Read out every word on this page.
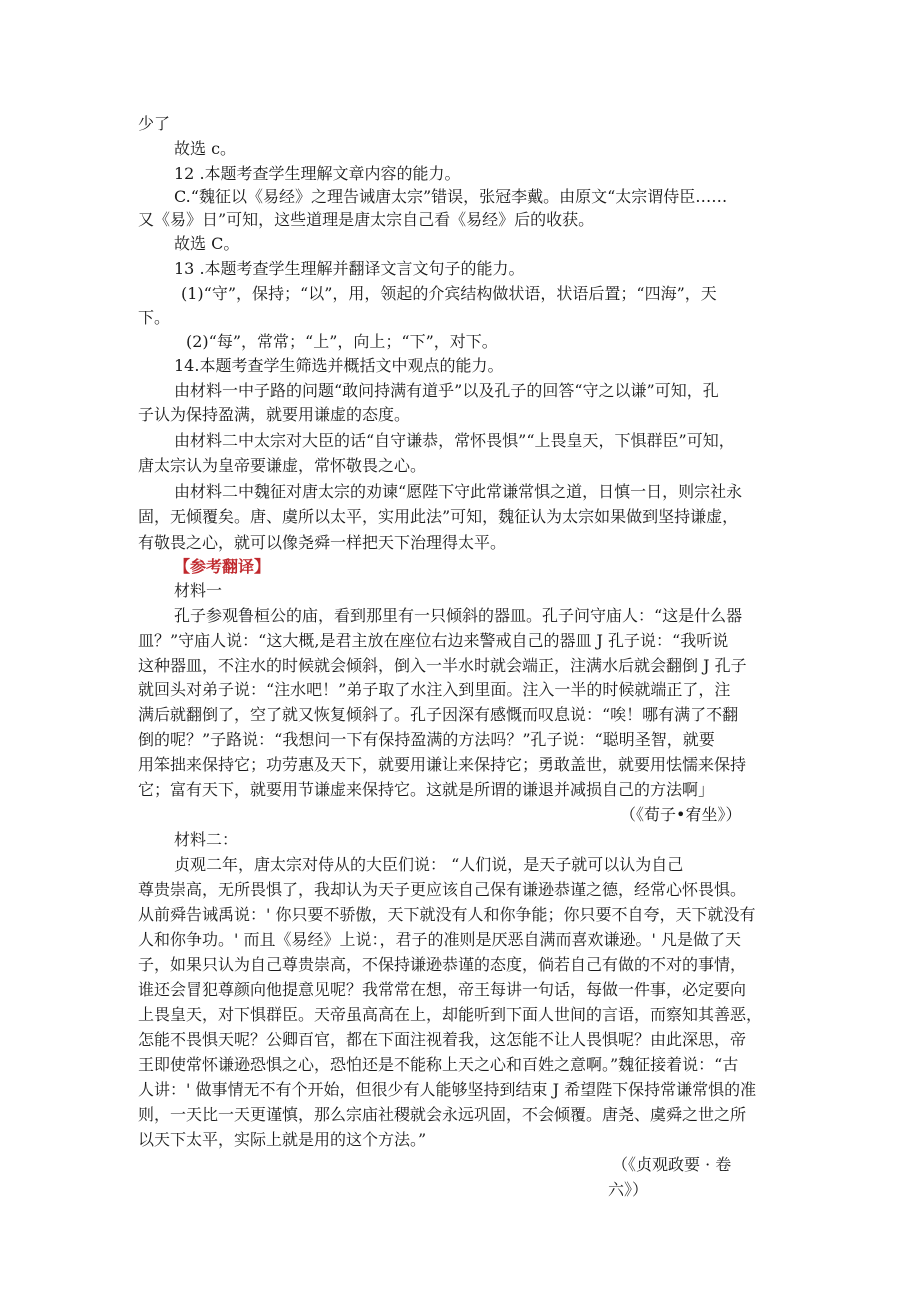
少了
故选 c。
12 .本题考查学生理解文章内容的能力。
C.“魏征以《易经》之理告诫唐太宗”错误，张冠李戴。由原文“太宗谓侍臣……
又《易》日”可知，这些道理是唐太宗自己看《易经》后的收获。
故选 C。
13 .本题考查学生理解并翻译文言文句子的能力。
(1)“守”，保持；“以”，用，领起的介宾结构做状语，状语后置；“四海”，天
下。
(2)“每”，常常；“上”，向上；“下”，对下。
14.本题考查学生筛选并概括文中观点的能力。
由材料一中子路的问题“敢问持满有道乎”以及孔子的回答“守之以谦”可知，孔
子认为保持盈满，就要用谦虚的态度。
由材料二中太宗对大臣的话“自守谦恭，常怀畏惧”“上畏皇天，下惧群臣”可知，
唐太宗认为皇帝要谦虚，常怀敬畏之心。
由材料二中魏征对唐太宗的劝谏“愿陛下守此常谦常惧之道，日慎一日，则宗社永
固，无倾覆矣。唐、虞所以太平，实用此法”可知，魏征认为太宗如果做到坚持谦虚，
有敬畏之心，就可以像尧舜一样把天下治理得太平。
【参考翻译】
材料一
孔子参观鲁桓公的庙，看到那里有一只倾斜的器皿。孔子问守庙人：“这是什么器
皿？”守庙人说：“这大概,是君主放在座位右边来警戒自己的器皿 J 孔子说：“我听说
这种器皿，不注水的时候就会倾斜，倒入一半水时就会端正，注满水后就会翻倒 J 孔子
就回头对弟子说：“注水吧！”弟子取了水注入到里面。注入一半的时候就端正了，注
满后就翻倒了，空了就又恢复倾斜了。孔子因深有感慨而叹息说：“唉！哪有满了不翻
倒的呢？”子路说：“我想问一下有保持盈满的方法吗？”孔子说：“聪明圣智，就要
用笨拙来保持它；功劳惠及天下，就要用谦让来保持它；勇敢盖世，就要用怯懦来保持
它；富有天下，就要用节谦虚来保持它。这就是所谓的谦退并减损自己的方法啊」
（《荀子•宥坐》）
材料二：
贞观二年，唐太宗对侍从的大臣们说： “人们说，是天子就可以认为自己
尊贵崇高，无所畏惧了，我却认为天子更应该自己保有谦逊恭谨之德，经常心怀畏惧。
从前舜告诫禹说：' 你只要不骄傲，天下就没有人和你争能；你只要不自夸，天下就没有
人和你争功。' 而且《易经》上说：，君子的准则是厌恶自满而喜欢谦逊。' 凡是做了天
子，如果只认为自己尊贵崇高，不保持谦逊恭谨的态度，倘若自己有做的不对的事情，
谁还会冒犯尊颜向他提意见呢？我常常在想，帝王每讲一句话，每做一件事，必定要向
上畏皇天，对下惧群臣。天帝虽高高在上，却能听到下面人世间的言语，而察知其善恶，
怎能不畏惧天呢？公卿百官，都在下面注视着我，这怎能不让人畏惧呢？由此深思，帝
王即使常怀谦逊恐惧之心，恐怕还是不能称上天之心和百姓之意啊。”魏征接着说：“古
人讲：' 做事情无不有个开始，但很少有人能够坚持到结束 J 希望陛下保持常谦常惧的准
则，一天比一天更谨慎，那么宗庙社稷就会永远巩固，不会倾覆。唐尧、虞舜之世之所
以天下太平，实际上就是用的这个方法。”
（《贞观政要 · 卷
六》）
